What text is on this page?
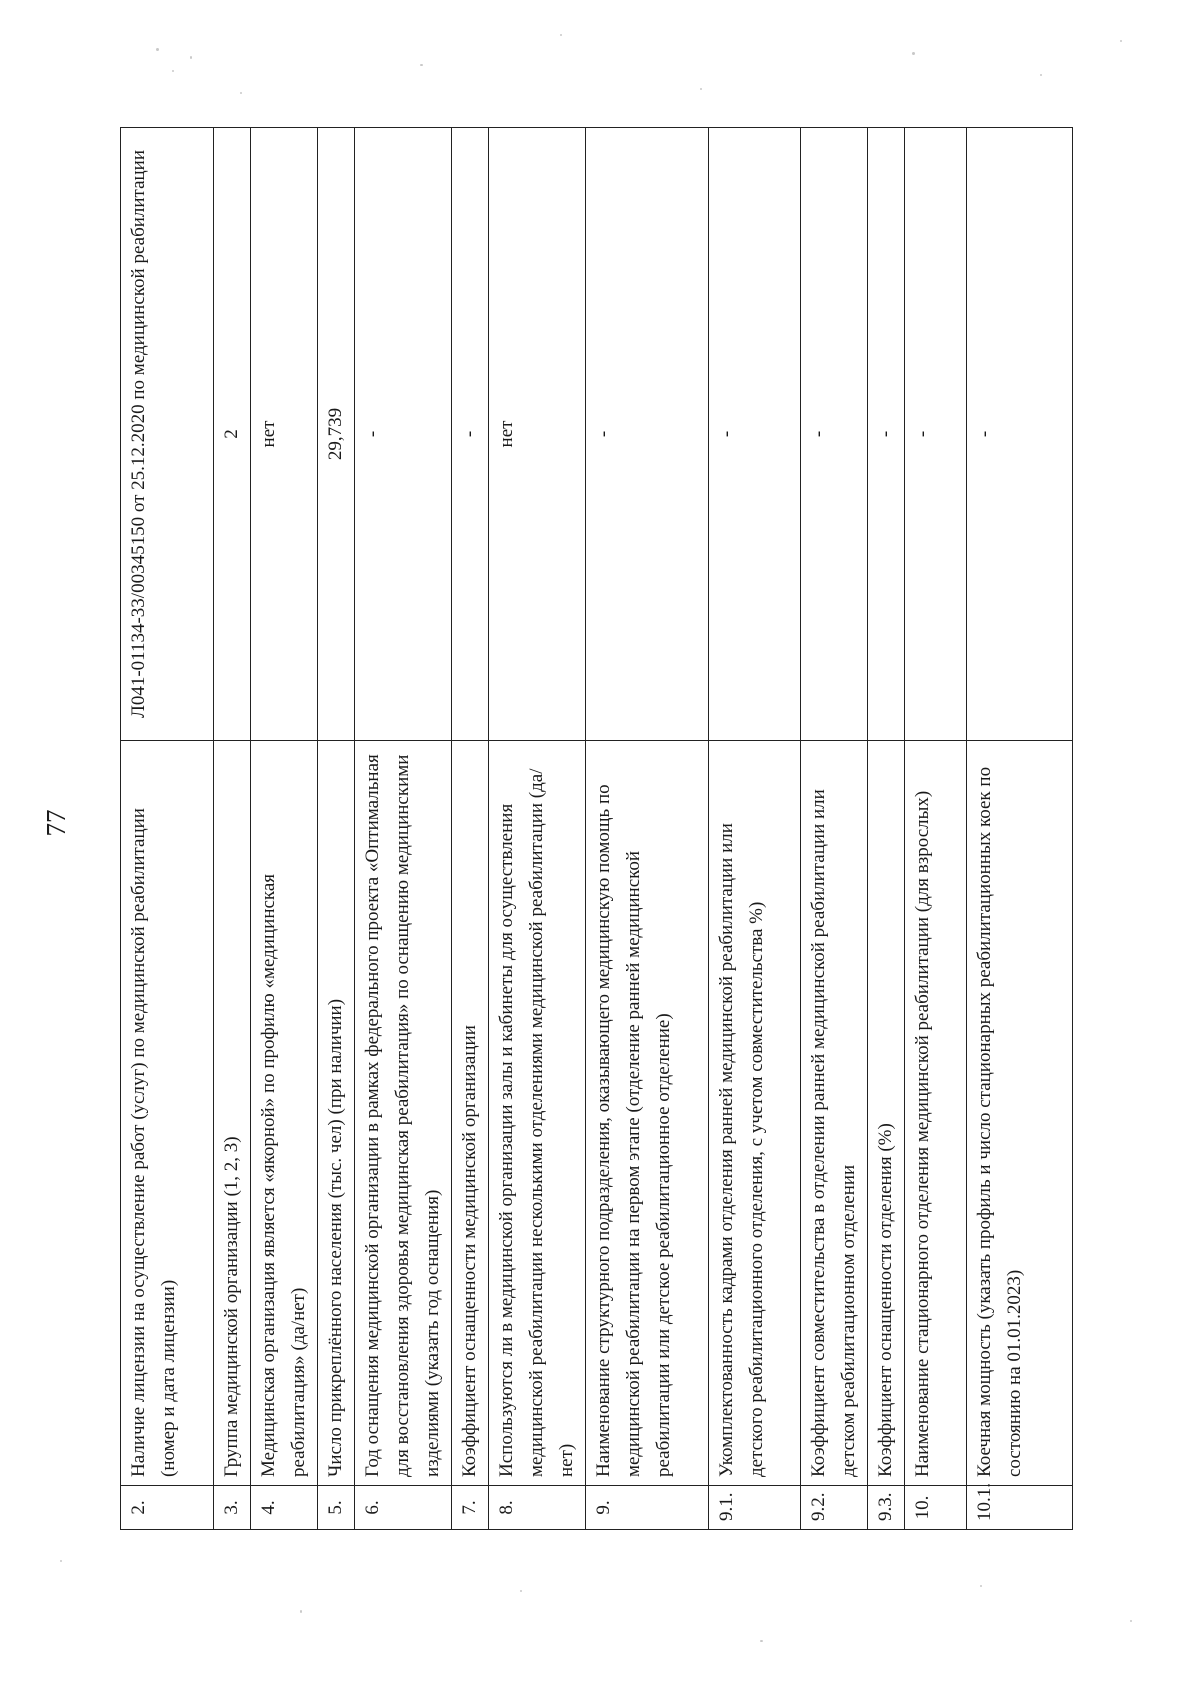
77
2.	Наличие лицензии на осуществление работ (услуг) по медицинской реабилитации (номер и дата лицензии)	Л041-01134-33/00345150 от 25.12.2020 по медицинской реабилитации
3.	Группа медицинской организации (1, 2, 3)	2
4.	Медицинская организация является «якорной» по профилю «медицинская реабилитация» (да/нет)	нет
5.	Число прикреплённого населения (тыс. чел) (при наличии)	29,739
6.	Год оснащения медицинской организации в рамках федерального проекта «Оптимальная для восстановления здоровья медицинская реабилитация» по оснащению медицинскими изделиями (указать год оснащения)	-
7.	Коэффициент оснащенности медицинской организации	-
8.	Используются ли в медицинской организации залы и кабинеты для осуществления медицинской реабилитации несколькими отделениями медицинской реабилитации (да/нет)	нет
9.	Наименование структурного подразделения, оказывающего медицинскую помощь по медицинской реабилитации на первом этапе (отделение ранней медицинской реабилитации или детское реабилитационное отделение)	-
9.1.	Укомплектованность кадрами отделения ранней медицинской реабилитации или детского реабилитационного отделения, с учетом совместительства %)	-
9.2.	Коэффициент совместительства в отделении ранней медицинской реабилитации или детском реабилитационном отделении	-
9.3.	Коэффициент оснащенности отделения (%)	-
10.	Наименование стационарного отделения медицинской реабилитации (для взрослых)	-
10.1.	Коечная мощность (указать профиль и число стационарных реабилитационных коек по состоянию на 01.01.2023)	-
